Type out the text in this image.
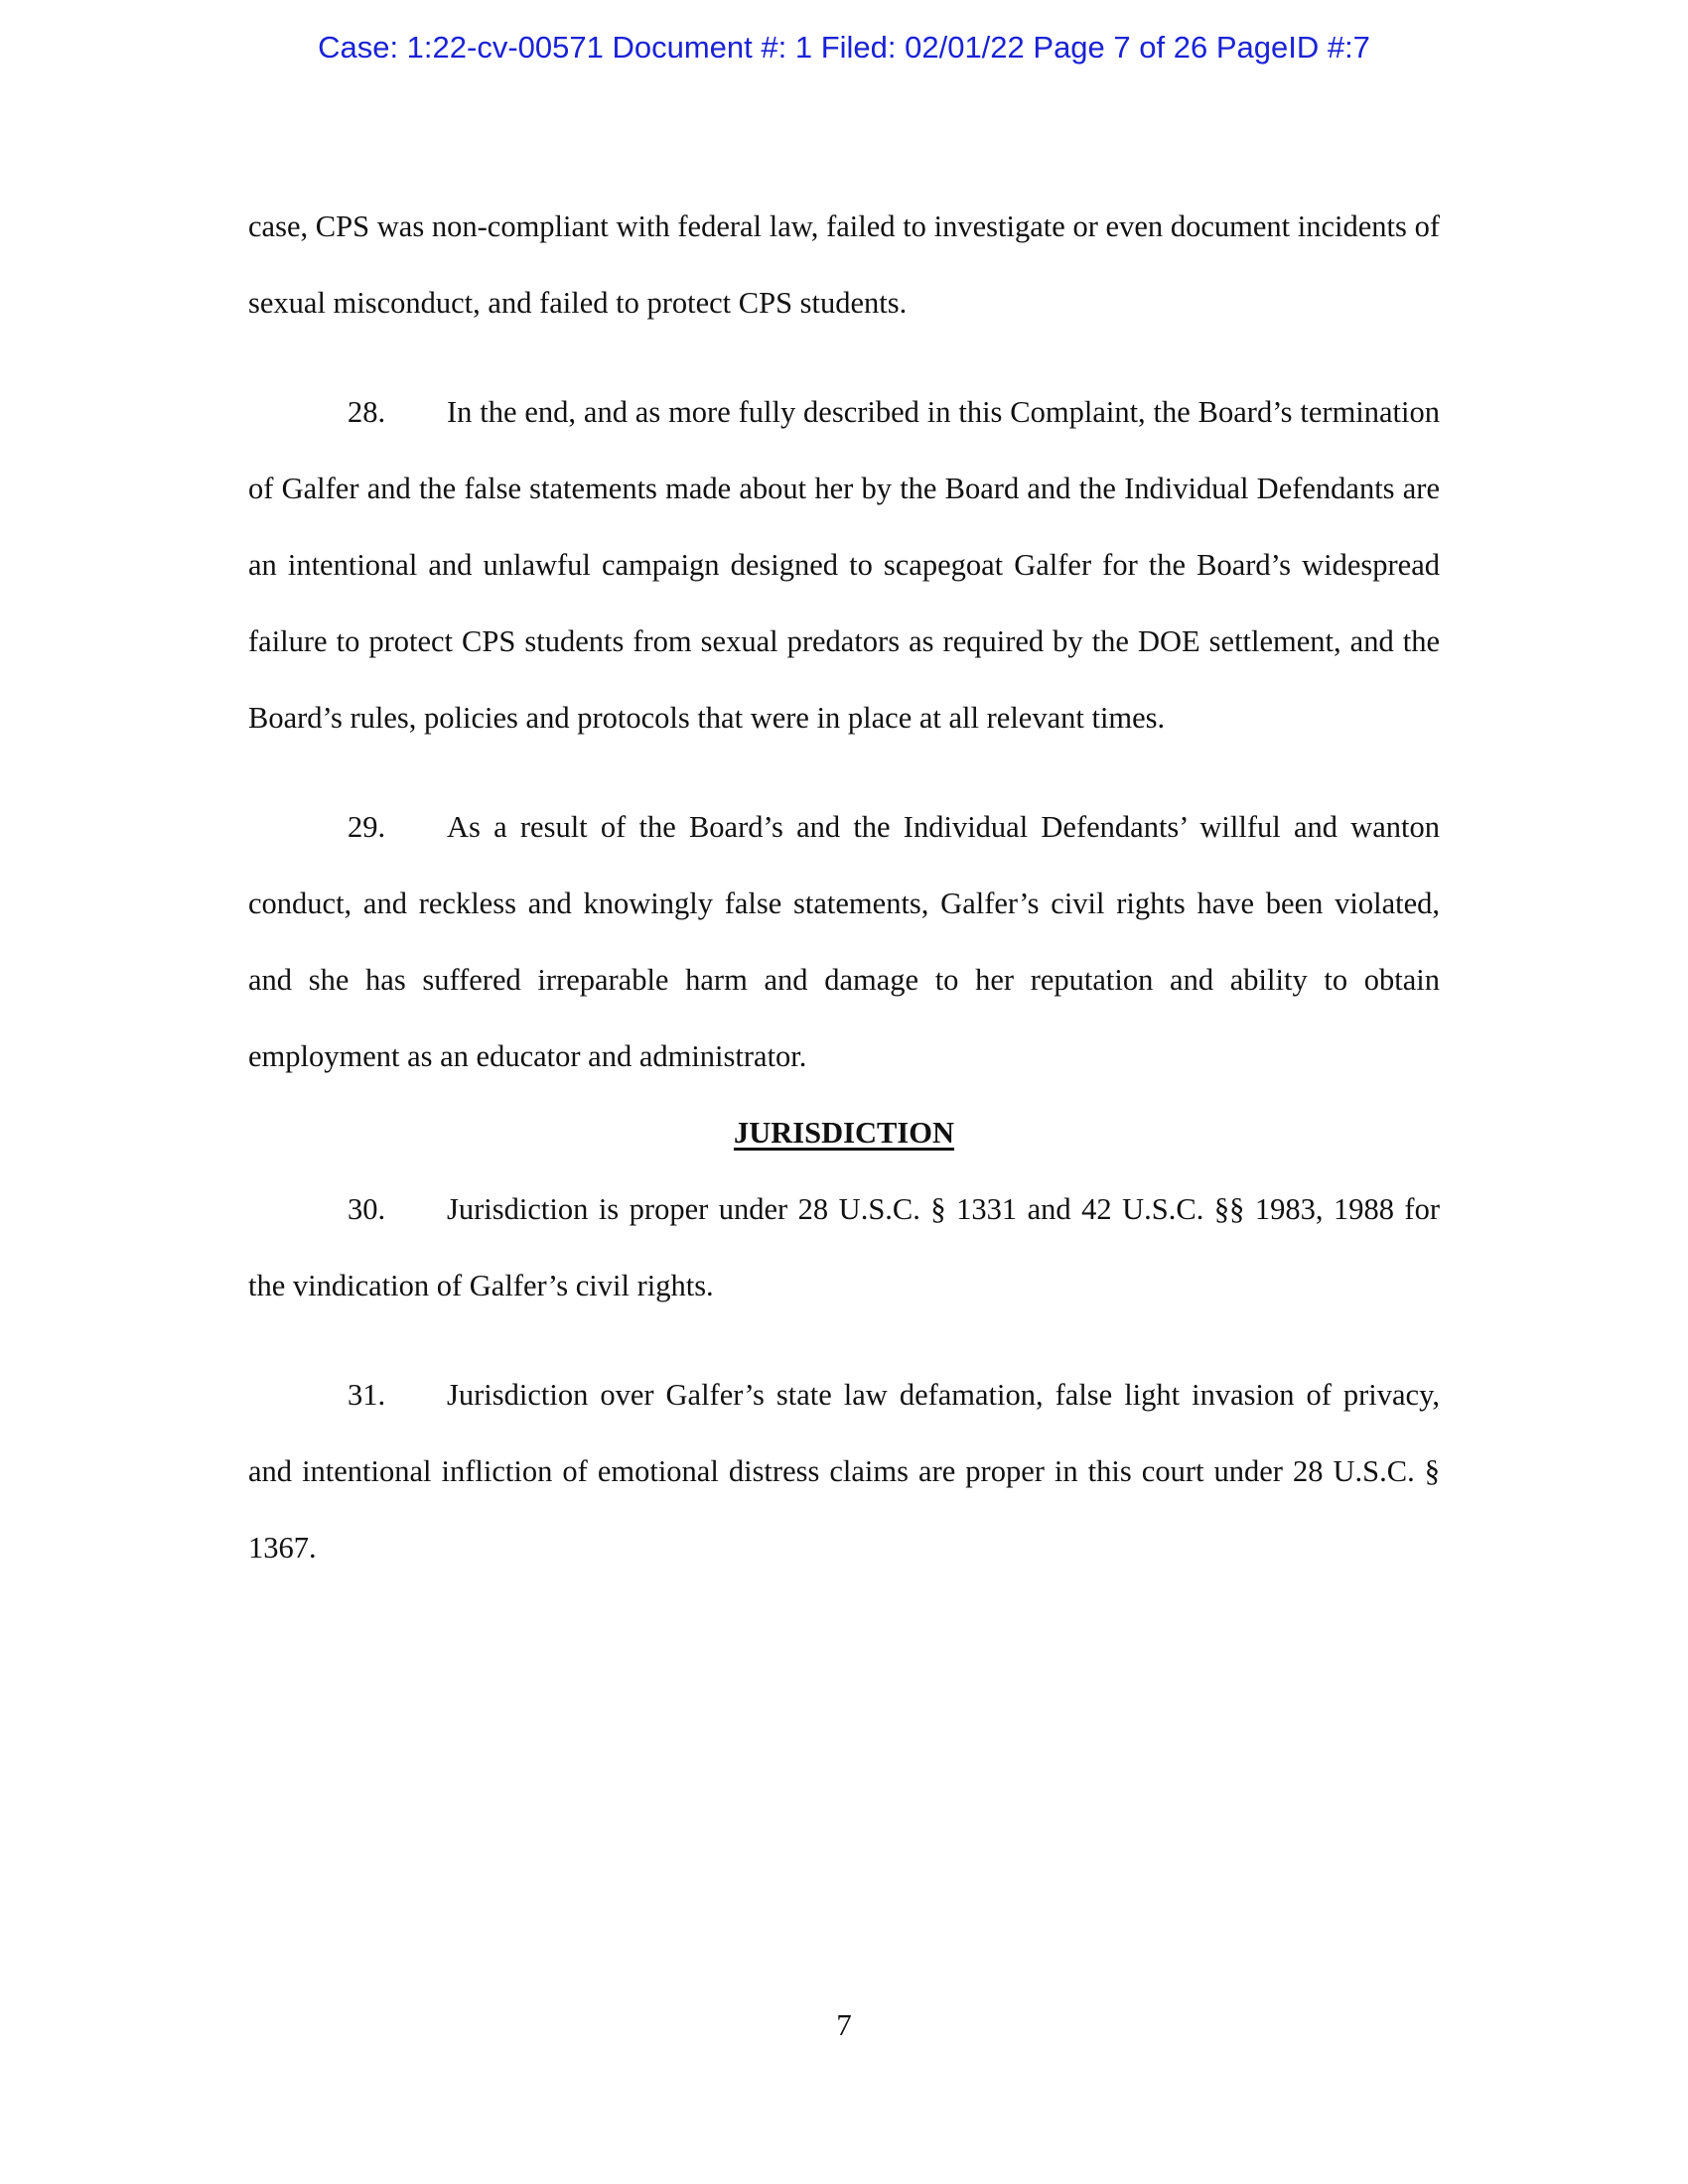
Case: 1:22-cv-00571 Document #: 1 Filed: 02/01/22 Page 7 of 26 PageID #:7

case, CPS was non-compliant with federal law, failed to investigate or even document incidents of sexual misconduct, and failed to protect CPS students.

28. In the end, and as more fully described in this Complaint, the Board’s termination of Galfer and the false statements made about her by the Board and the Individual Defendants are an intentional and unlawful campaign designed to scapegoat Galfer for the Board’s widespread failure to protect CPS students from sexual predators as required by the DOE settlement, and the Board’s rules, policies and protocols that were in place at all relevant times.

29. As a result of the Board’s and the Individual Defendants’ willful and wanton conduct, and reckless and knowingly false statements, Galfer’s civil rights have been violated, and she has suffered irreparable harm and damage to her reputation and ability to obtain employment as an educator and administrator.

JURISDICTION

30. Jurisdiction is proper under 28 U.S.C. § 1331 and 42 U.S.C. §§ 1983, 1988 for the vindication of Galfer’s civil rights.

31. Jurisdiction over Galfer’s state law defamation, false light invasion of privacy, and intentional infliction of emotional distress claims are proper in this court under 28 U.S.C. § 1367.

7
